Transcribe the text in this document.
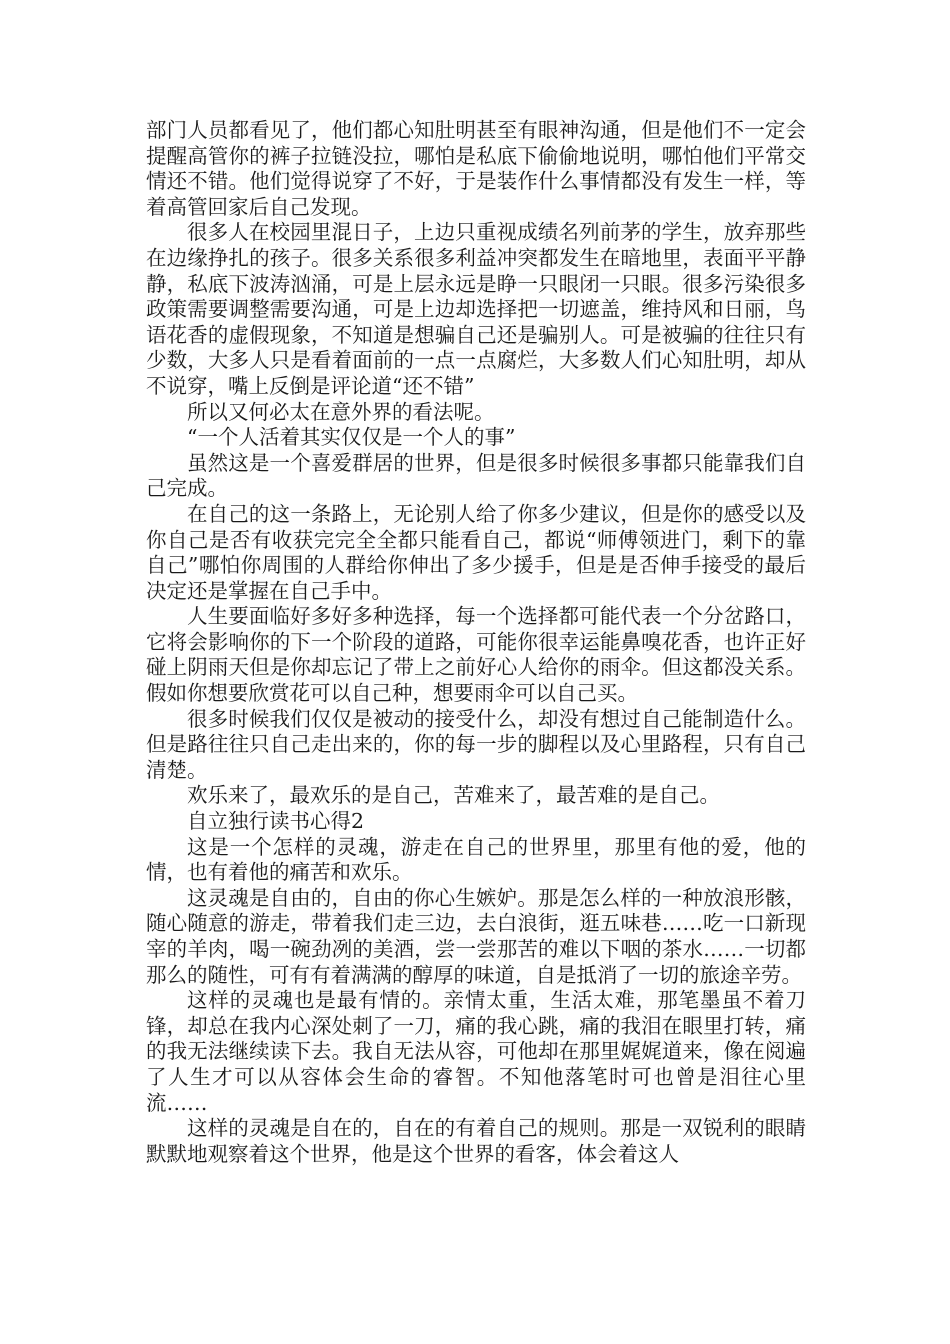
部门人员都看见了，他们都心知肚明甚至有眼神沟通，但是他们不一定会提醒高管你的裤子拉链没拉，哪怕是私底下偷偷地说明，哪怕他们平常交情还不错。他们觉得说穿了不好，于是装作什么事情都没有发生一样，等着高管回家后自己发现。

很多人在校园里混日子，上边只重视成绩名列前茅的学生，放弃那些在边缘挣扎的孩子。很多关系很多利益冲突都发生在暗地里，表面平平静静，私底下波涛汹涌，可是上层永远是睁一只眼闭一只眼。很多污染很多政策需要调整需要沟通，可是上边却选择把一切遮盖，维持风和日丽，鸟语花香的虚假现象，不知道是想骗自己还是骗别人。可是被骗的往往只有少数，大多人只是看着面前的一点一点腐烂，大多数人们心知肚明，却从不说穿，嘴上反倒是评论道“还不错”

所以又何必太在意外界的看法呢。

“一个人活着其实仅仅是一个人的事”

虽然这是一个喜爱群居的世界，但是很多时候很多事都只能靠我们自己完成。

在自己的这一条路上，无论别人给了你多少建议，但是你的感受以及你自己是否有收获完完全全都只能看自己，都说“师傅领进门，剩下的靠自己”哪怕你周围的人群给你伸出了多少援手，但是是否伸手接受的最后决定还是掌握在自己手中。

人生要面临好多好多种选择，每一个选择都可能代表一个分岔路口，它将会影响你的下一个阶段的道路，可能你很幸运能鼻嗅花香，也许正好碰上阴雨天但是你却忘记了带上之前好心人给你的雨伞。但这都没关系。假如你想要欣赏花可以自己种，想要雨伞可以自己买。

很多时候我们仅仅是被动的接受什么，却没有想过自己能制造什么。但是路往往只自己走出来的，你的每一步的脚程以及心里路程，只有自己清楚。

欢乐来了，最欢乐的是自己，苦难来了，最苦难的是自己。

自立独行读书心得2

这是一个怎样的灵魂，游走在自己的世界里，那里有他的爱，他的情，也有着他的痛苦和欢乐。

这灵魂是自由的，自由的你心生嫉妒。那是怎么样的一种放浪形骸，随心随意的游走，带着我们走三边，去白浪街，逛五味巷……吃一口新现宰的羊肉，喝一碗劲冽的美酒，尝一尝那苦的难以下咽的茶水……一切都那么的随性，可有有着满满的醇厚的味道，自是抵消了一切的旅途辛劳。

这样的灵魂也是最有情的。亲情太重，生活太难，那笔墨虽不着刀锋，却总在我内心深处刺了一刀，痛的我心跳，痛的我泪在眼里打转，痛的我无法继续读下去。我自无法从容，可他却在那里娓娓道来，像在阅遍了人生才可以从容体会生命的睿智。不知他落笔时可也曾是泪往心里流……

这样的灵魂是自在的，自在的有着自己的规则。那是一双锐利的眼睛默默地观察着这个世界，他是这个世界的看客，体会着这人
